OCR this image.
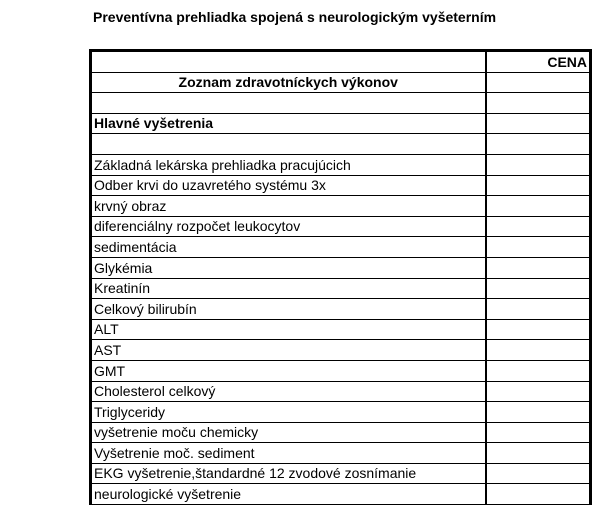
Preventívna prehliadka spojená s neurologickým vyšeterním
	CENA
Zoznam zdravotníckych výkonov	

Hlavné vyšetrenia	

Základná lekárska prehliadka pracujúcich	
Odber krvi do uzavretého systému 3x	
krvný obraz	
diferenciálny rozpočet leukocytov	
sedimentácia	
Glykémia	
Kreatinín	
Celkový bilirubín	
ALT	
AST	
GMT	
Cholesterol celkový	
Triglyceridy	
vyšetrenie moču chemicky	
Vyšetrenie moč. sediment	
EKG vyšetrenie,štandardné 12 zvodové zosnímanie	
neurologické vyšetrenie	
